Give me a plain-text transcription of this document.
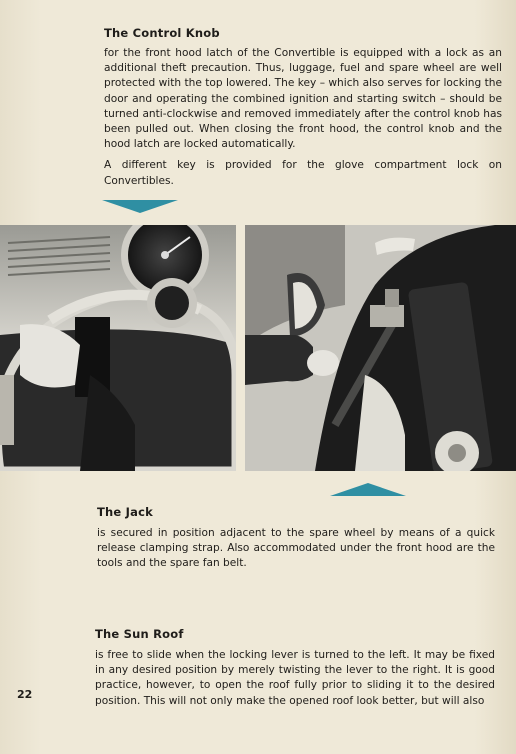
The Control Knob

for the front hood latch of the Convertible is equipped with a lock as an additional theft precaution. Thus, luggage, fuel and spare wheel are well protected with the top lowered. The key – which also serves for locking the door and operating the combined ignition and starting switch – should be turned anti-clockwise and removed immediately after the control knob has been pulled out. When closing the front hood, the control knob and the hood latch are locked automatically.

A different key is provided for the glove compartment lock on Convertibles.

The Jack

is secured in position adjacent to the spare wheel by means of a quick release clamping strap. Also accommodated under the front hood are the tools and the spare fan belt.

The Sun Roof

is free to slide when the locking lever is turned to the left. It may be fixed in any desired position by merely twisting the lever to the right. It is good practice, however, to open the roof fully prior to sliding it to the desired position. This will not only make the opened roof look better, but will also

22
